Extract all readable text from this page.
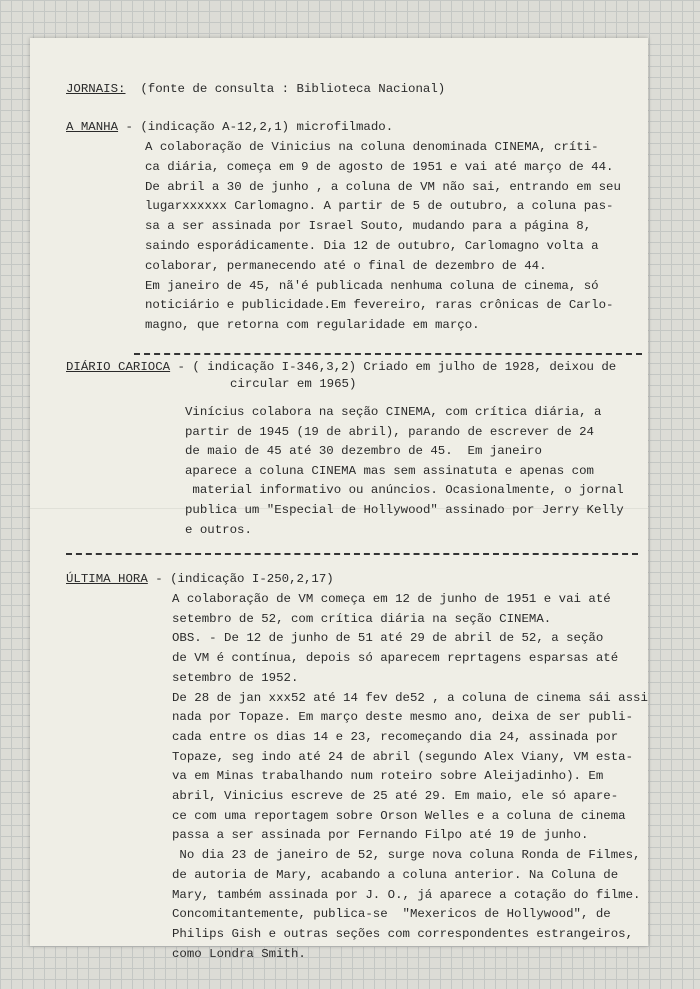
JORNAIS:  (fonte de consulta : Biblioteca Nacional)
A MANHA - (indicação A-12,2,1) microfilmado.
A colaboração de Vinicius na coluna denominada CINEMA, críti-
ca diária, começa em 9 de agosto de 1951 e vai até março de 44.
De abril a 30 de junho , a coluna de VM não sai, entrando em seu
lugarxxxxxx Carlomagno. A partir de 5 de outubro, a coluna pas-
sa a ser assinada por Israel Souto, mudando para a página 8,
saindo esporádicamente. Dia 12 de outubro, Carlomagno volta a
colaborar, permanecendo até o final de dezembro de 44.
Em janeiro de 45, nã'é publicada nenhuma coluna de cinema, só
noticiário e publicidade.Em fevereiro, raras crônicas de Carlo-
magno, que retorna com regularidade em março.
DIÁRIO CARIOCA - ( indicação I-346,3,2) Criado em julho de 1928, deixou de
circular em 1965)
Vinícius colabora na seção CINEMA, com crítica diária, a
partir de 1945 (19 de abril), parando de escrever de 24
de maio de 45 até 30 dezembro de 45.  Em janeiro
aparece a coluna CINEMA mas sem assinatuta e apenas com
material informativo ou anúncios. Ocasionalmente, o jornal
publica um "Especial de Hollywood" assinado por Jerry Kelly
e outros.
ÚLTIMA HORA - (indicação I-250,2,17)
A colaboração de VM começa em 12 de junho de 1951 e vai até
setembro de 52, com crítica diária na seção CINEMA.
OBS. - De 12 de junho de 51 até 29 de abril de 52, a seção
de VM é contínua, depois só aparecem reprtagens esparsas até
setembro de 1952.
De 28 de jan xxx52 até 14 fev de52 , a coluna de cinema sái assi
nada por Topaze. Em março deste mesmo ano, deixa de ser publi-
cada entre os dias 14 e 23, recomeçando dia 24, assinada por
Topaze, seg indo até 24 de abril (segundo Alex Viany, VM esta-
va em Minas trabalhando num roteiro sobre Aleijadinho). Em
abril, Vinicius escreve de 25 até 29. Em maio, ele só apare-
ce com uma reportagem sobre Orson Welles e a coluna de cinema
passa a ser assinada por Fernando Filpo até 19 de junho.
No dia 23 de janeiro de 52, surge nova coluna Ronda de Filmes,
de autoria de Mary, acabando a coluna anterior. Na Coluna de
Mary, também assinada por J. O., já aparece a cotação do filme.
Concomitantemente, publica-se  "Mexericos de Hollywood", de
Philips Gish e outras seções com correspondentes estrangeiros,
como Londra Smith.
